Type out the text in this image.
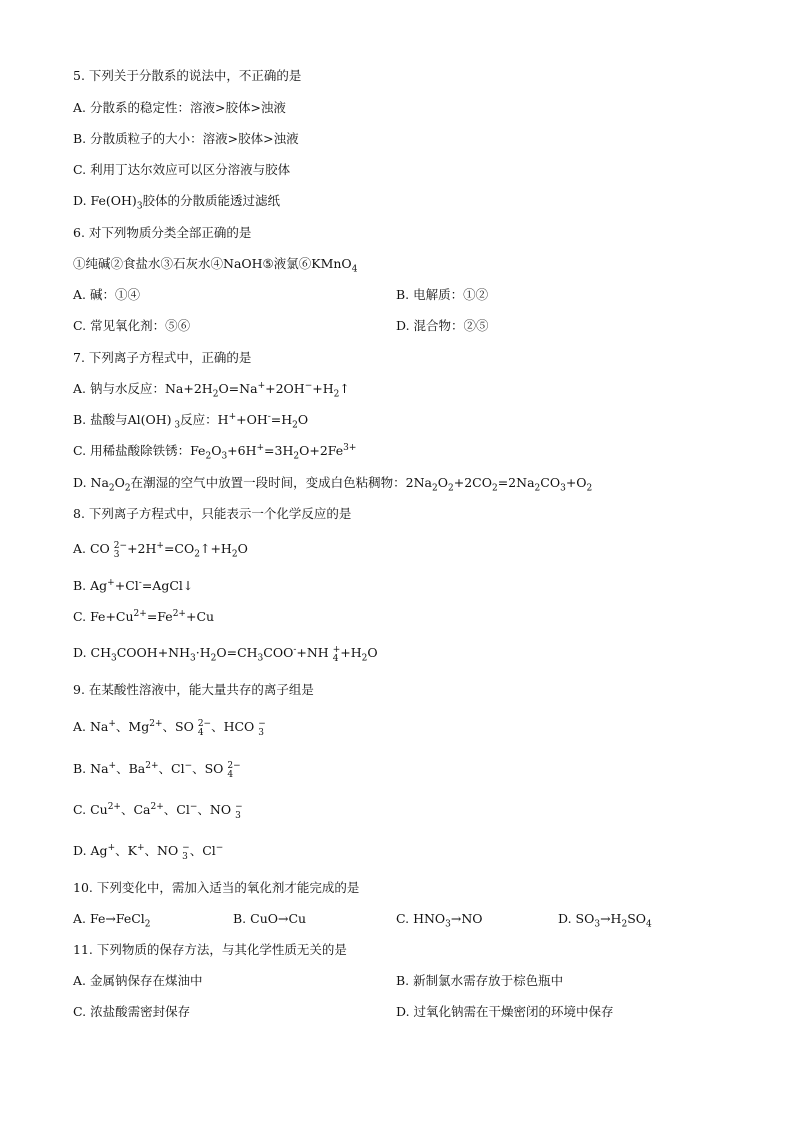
5. 下列关于分散系的说法中，不正确的是
A. 分散系的稳定性：溶液>胶体>浊液
B. 分散质粒子的大小：溶液>胶体>浊液
C. 利用丁达尔效应可以区分溶液与胶体
D. $Fe(OH)_3$胶体的分散质能透过滤纸
6. 对下列物质分类全部正确的是
①纯碱②食盐水③石灰水④NaOH⑤液氯⑥KMnO$_4$
A. 碱：①④	B. 电解质：①②
C. 常见氧化剂：⑤⑥	D. 混合物：②⑤
7. 下列离子方程式中，正确的是
A. 钠与水反应：$Na+2H_2O=Na^++2OH^-+H_2↑$
B. 盐酸与Al(OH) $_3$反应：$H^++OH^-=H_2O$
C. 用稀盐酸除铁锈：$Fe_2O_3+6H^+=3H_2O+2Fe^{3+}$
D. $Na_2O_2$在潮湿的空气中放置一段时间，变成白色粘稠物：$2Na_2O_2+2CO_2=2Na_2CO_3+O_2$
8. 下列离子方程式中，只能表示一个化学反应的是
A. CO 2−
$3 +2H^+=CO_2↑+H_2O$
B. Ag++Cl-=AgCl↓
C. $Fe+Cu^{2+}=Fe^{2+}+Cu$
D. $CH_3COOH+NH_3\cdot H_2O=CH_3COO^-+NH$ +
$4 +H_2O$
9. 在某酸性溶液中，能大量共存的离子组是
A. Na+、$Mg^{2+}$、SO 2−
4 、HCO −
3
B. Na+、$Ba^{2+}$、Cl−、SO 2−
4
C. $Cu^{2+}$、$Ca^{2+}$、Cl−、NO −
3
D. Ag+、K+、NO −
3 、Cl−
10. 下列变化中，需加入适当的氧化剂才能完成的是
A. Fe→FeCl$_2$	B. CuO→Cu	C. $HNO_3\to NO$	D. $SO_3\to H_2SO_4$
11. 下列物质的保存方法，与其化学性质无关的是
A. 金属钠保存在煤油中	B. 新制氯水需存放于棕色瓶中
C. 浓盐酸需密封保存	D. 过氧化钠需在干燥密闭的环境中保存
